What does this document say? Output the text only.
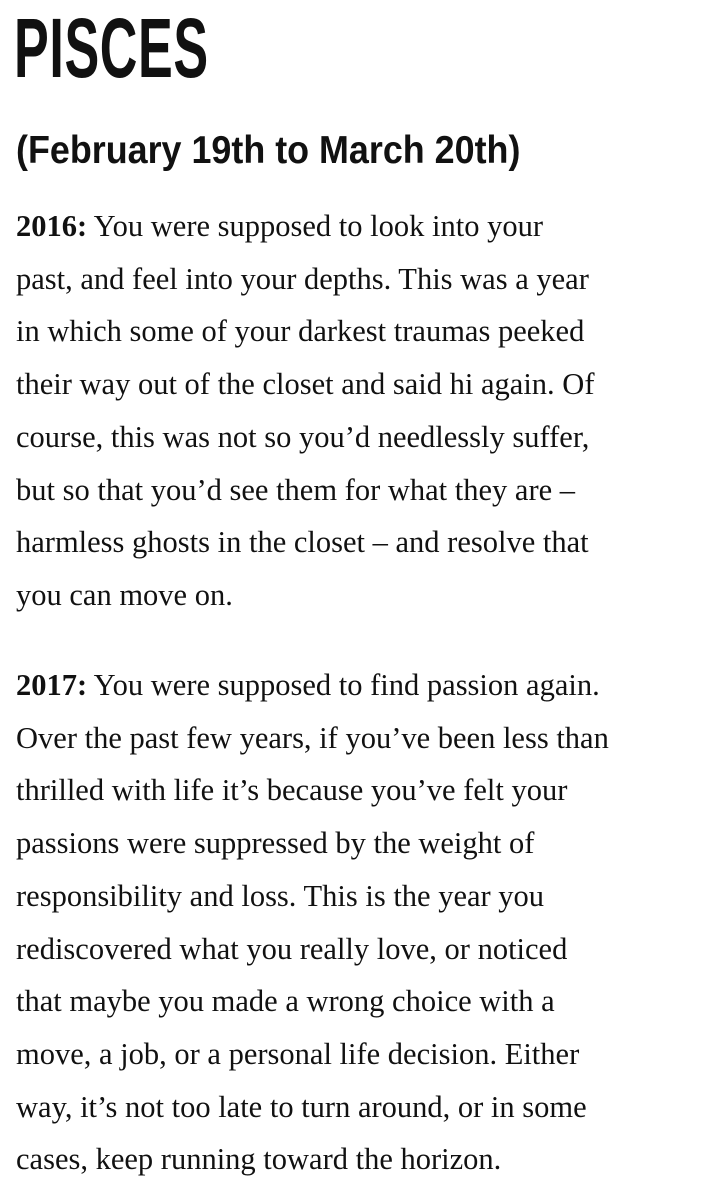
PISCES
(February 19th to March 20th)

2016: You were supposed to look into your
past, and feel into your depths. This was a year
in which some of your darkest traumas peeked
their way out of the closet and said hi again. Of
course, this was not so you’d needlessly suffer,
but so that you’d see them for what they are –
harmless ghosts in the closet – and resolve that
you can move on.

2017: You were supposed to find passion again.
Over the past few years, if you’ve been less than
thrilled with life it’s because you’ve felt your
passions were suppressed by the weight of
responsibility and loss. This is the year you
rediscovered what you really love, or noticed
that maybe you made a wrong choice with a
move, a job, or a personal life decision. Either
way, it’s not too late to turn around, or in some
cases, keep running toward the horizon.
